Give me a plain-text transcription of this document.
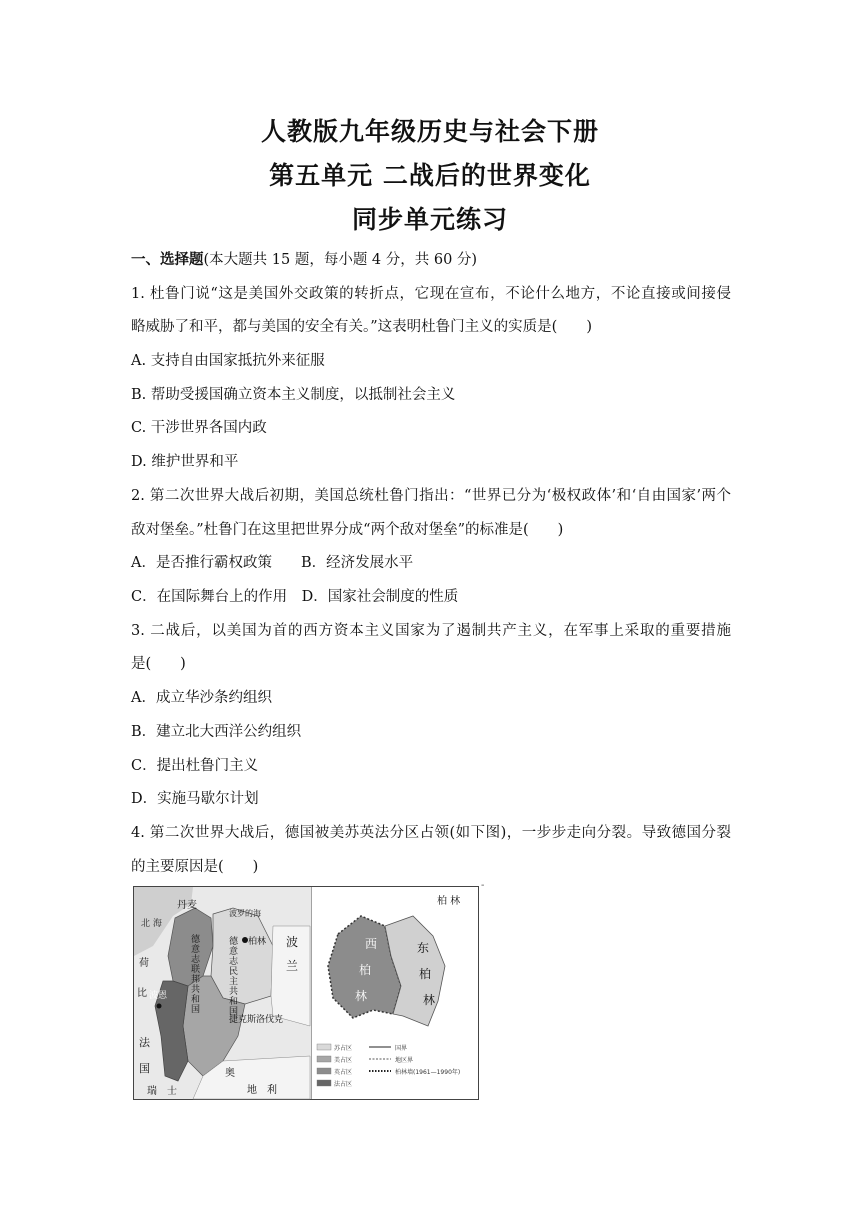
人教版九年级历史与社会下册
第五单元 二战后的世界变化
同步单元练习
一、选择题(本大题共 15 题，每小题 4 分，共 60 分)
1. 杜鲁门说“这是美国外交政策的转折点，它现在宣布，不论什么地方，不论直接或间接侵
略威胁了和平，都与美国的安全有关。”这表明杜鲁门主义的实质是(　　)
A. 支持自由国家抵抗外来征服
B. 帮助受援国确立资本主义制度，以抵制社会主义
C. 干涉世界各国内政
D. 维护世界和平
2. 第二次世界大战后初期，美国总统杜鲁门指出：“世界已分为‘极权政体’和‘自由国家’两个
敌对堡垒。”杜鲁门在这里把世界分成“两个敌对堡垒”的标准是(　　)
A．是否推行霸权政策　　B．经济发展水平
C．在国际舞台上的作用　D．国家社会制度的性质
3. 二战后，以美国为首的西方资本主义国家为了遏制共产主义，在军事上采取的重要措施
是(　　)
A．成立华沙条约组织
B．建立北大西洋公约组织
C．提出杜鲁门主义
D．实施马歇尔计划
4. 第二次世界大战后，德国被美苏英法分区占领(如下图)，一步步走向分裂。导致德国分裂
的主要原因是(　　)
-
丹麦
北 海
波罗的海
波
兰
荷
比 波恩
柏林
捷克斯洛伐克
法
国
瑞　士
奥
地　利
德意志联邦共和国
德意志民主共和国
柏 林
西
柏
林
东
柏
林
苏占区
美占区
英占区
法占区
国界
地区界
柏林墙(1961—1990年)
